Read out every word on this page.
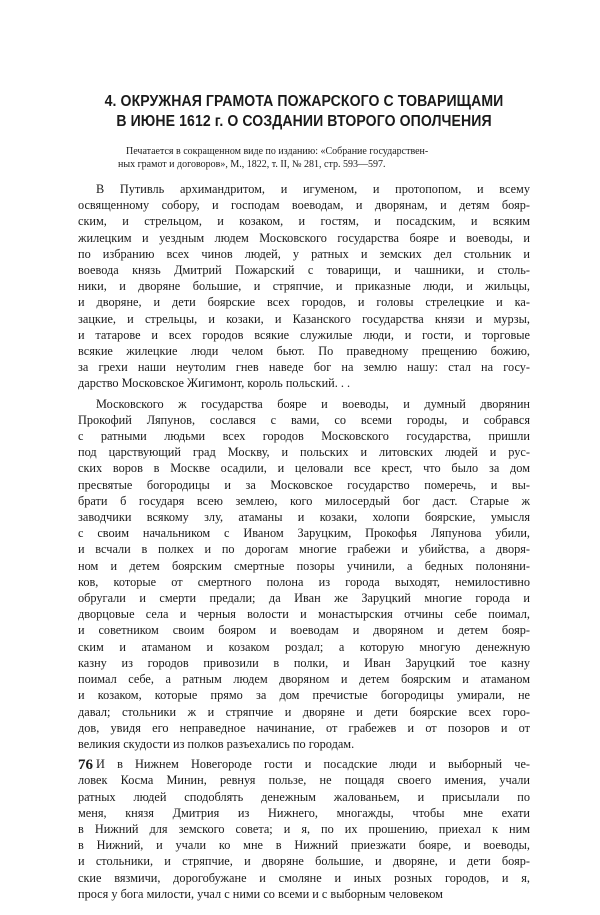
4. ОКРУЖНАЯ ГРАМОТА ПОЖАРСКОГО С ТОВАРИЩАМИ
В ИЮНЕ 1612 г. О СОЗДАНИИ ВТОРОГО ОПОЛЧЕНИЯ
Печатается в сокращенном виде по изданию: «Собрание государствен-
ных грамот и договоров», М., 1822, т. II, № 281, стр. 593—597.

В Путивль архимандритом, и игуменом, и протопопом, и всему
освященному собору, и господам воеводам, и дворянам, и детям бояр-
ским, и стрельцом, и козаком, и гостям, и посадским, и всяким
жилецким и уездным людем Московского государства бояре и воеводы, и
по избранию всех чинов людей, у ратных и земских дел стольник и
воевода князь Дмитрий Пожарский с товарищи, и чашники, и столь-
ники, и дворяне большие, и стряпчие, и приказные люди, и жильцы,
и дворяне, и дети боярские всех городов, и головы стрелецкие и ка-
зацкие, и стрельцы, и козаки, и Казанского государства князи и мурзы,
и татарове и всех городов всякие служилые люди, и гости, и торговые
всякие жилецкие люди челом бьют. По праведному прещению божию,
за грехи наши неутолим гнев наведе бог на землю нашу: стал на госу-
дарство Московское Жигимонт, король польский. . .

Московского ж государства бояре и воеводы, и думный дворянин
Прокофий Ляпунов, сослався с вами, со всеми городы, и собрався
с ратными людьми всех городов Московского государства, пришли
под царствующий град Москву, и польских и литовских людей и рус-
ских воров в Москве осадили, и целовали все крест, что было за дом
пресвятые богородицы и за Московское государство померечь, и вы-
брати б государя всею землею, кого милосердый бог даст. Старые ж
заводчики всякому злу, атаманы и козаки, холопи боярские, умысля
с своим начальником с Иваном Заруцким, Прокофья Ляпунова убили,
и всчали в полкех и по дорогам многие грабежи и убийства, а дворя-
ном и детем боярским смертные позоры учинили, а бедных полоняни-
ков, которые от смертного полона из города выходят, немилостивно
обругали и смерти предали; да Иван же Заруцкий многие города и
дворцовые села и черныя волости и монастырския отчины себе поимал,
и советником своим бояром и воеводам и дворяном и детем бояр-
ским и атаманом и козаком роздал; а которую многую денежную
казну из городов привозили в полки, и Иван Заруцкий тое казну
поимал себе, а ратным людем дворяном и детем боярским и атаманом
и козаком, которые прямо за дом пречистые богородицы умирали, не
давал; стольники ж и стряпчие и дворяне и дети боярские всех горо-
дов, увидя его неправедное начинание, от грабежев и от позоров и от
великия скудости из полков разъехались по городам.

И в Нижнем Новегороде гости и посадские люди и выборный чe-
ловек Косма Минин, ревнуя пользе, не пощадя своего имения, учали
ратных людей сподоблять денежным жалованьем, и присылали по
меня, князя Дмитрия из Нижнего, многажды, чтобы мне ехати
в Нижний для земского совета; и я, по их прошению, приехал к ним
в Нижний, и учали ко мне в Нижний приезжати бояре, и воеводы,
и стольники, и стряпчие, и дворяне большие, и дворяне, и дети бояр-
ские вязмичи, дорогобужане и смоляне и иных розных городов, и я,
прося у бога милости, учал с ними со всеми и с выборным человеком

76
